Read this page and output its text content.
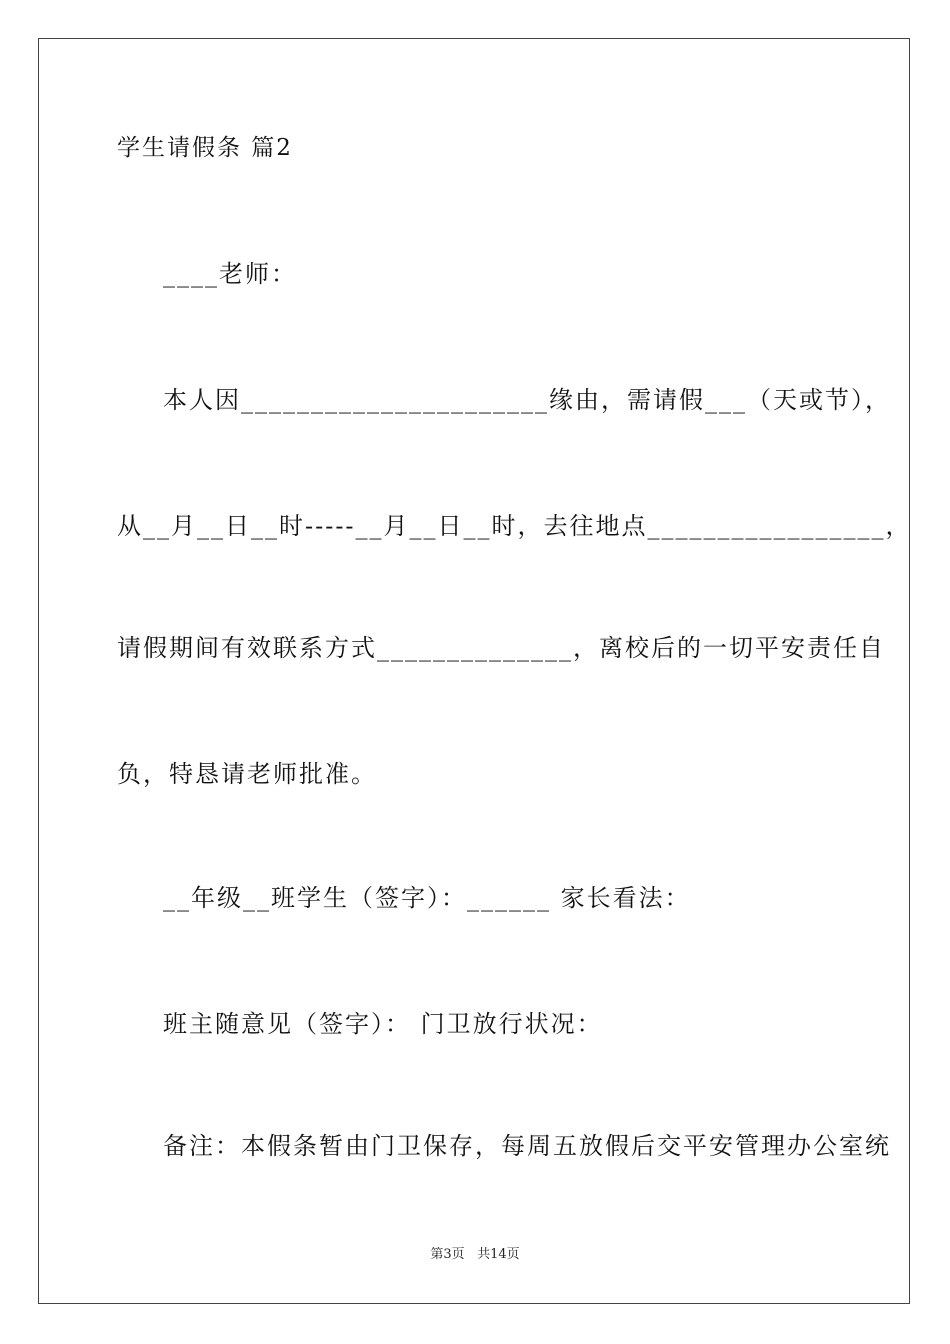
学生请假条 篇2
____老师：
本人因______________________缘由，需请假___（天或节），
从__月__日__时-----__月__日__时，去往地点_________________，
请假期间有效联系方式______________，离校后的一切平安责任自
负，特恳请老师批准。
__年级__班学生（签字）：______ 家长看法：
班主随意见（签字）： 门卫放行状况：
备注：本假条暂由门卫保存，每周五放假后交平安管理办公室统
第3页 共14页
